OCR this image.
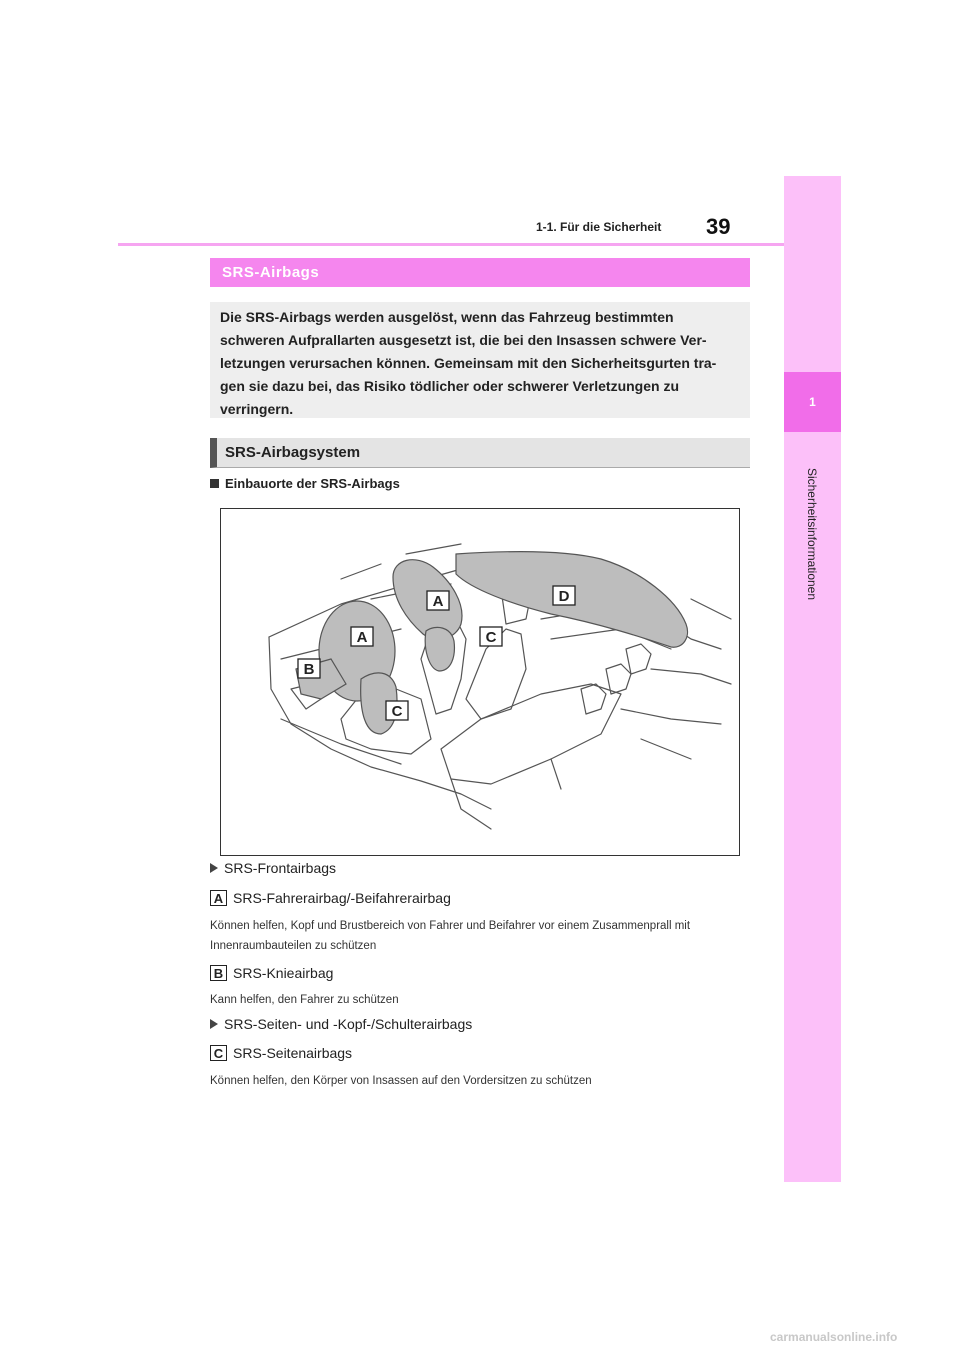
1
Sicherheitsinformationen
1-1. Für die Sicherheit 39
SRS-Airbags
Die SRS-Airbags werden ausgelöst, wenn das Fahrzeug bestimmten schweren Aufprallarten ausgesetzt ist, die bei den Insassen schwere Ver- letzungen verursachen können. Gemeinsam mit den Sicherheitsgurten tra- gen sie dazu bei, das Risiko tödlicher oder schwerer Verletzungen zu verringern.
SRS-Airbagsystem
Einbauorte der SRS-Airbags
A
A
B
C
C
D
SRS-Frontairbags
A SRS-Fahrerairbag/-Beifahrerairbag
Können helfen, Kopf und Brustbereich von Fahrer und Beifahrer vor einem Zusammenprall mit
Innenraumbauteilen zu schützen
B SRS-Knieairbag
Kann helfen, den Fahrer zu schützen
SRS-Seiten- und -Kopf-/Schulterairbags
C SRS-Seitenairbags
Können helfen, den Körper von Insassen auf den Vordersitzen zu schützen
carmanualsonline.info
